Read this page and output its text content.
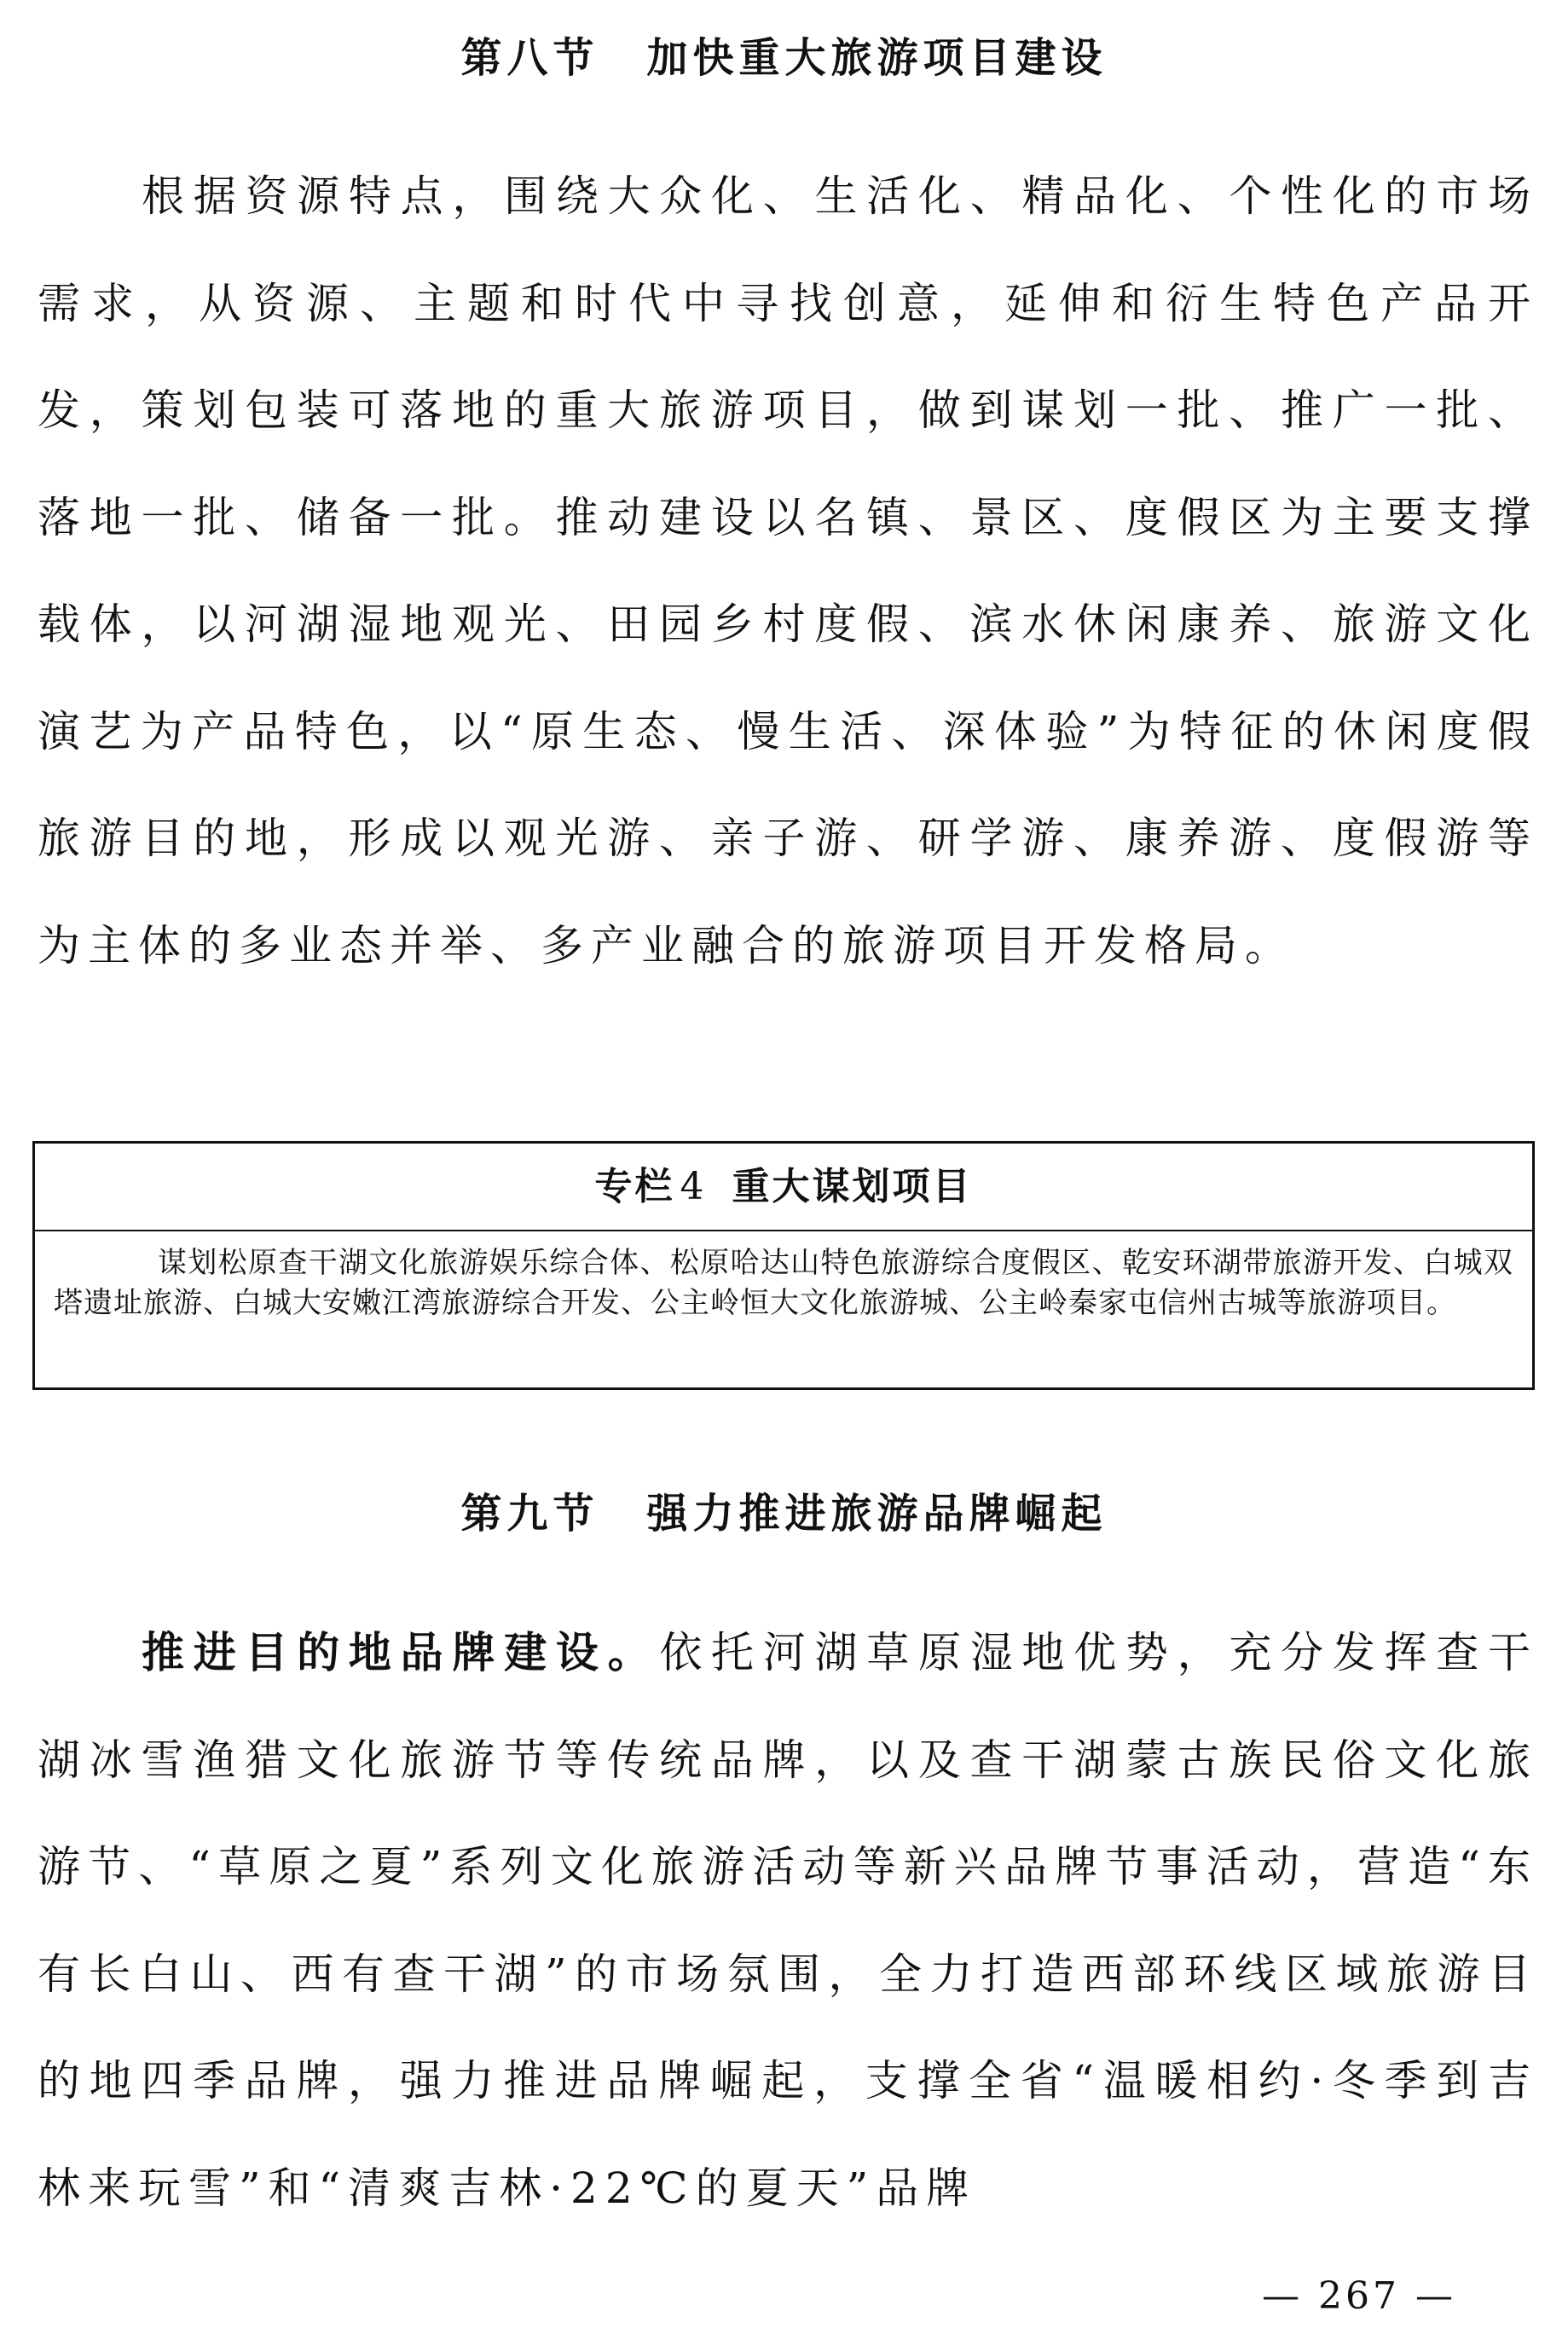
第八节 加快重大旅游项目建设

根据资源特点，围绕大众化、生活化、精品化、个性化的市场需求，从资源、主题和时代中寻找创意，延伸和衍生特色产品开发，策划包装可落地的重大旅游项目，做到谋划一批、推广一批、落地一批、储备一批。推动建设以名镇、景区、度假区为主要支撑载体，以河湖湿地观光、田园乡村度假、滨水休闲康养、旅游文化演艺为产品特色，以“原生态、慢生活、深体验”为特征的休闲度假旅游目的地，形成以观光游、亲子游、研学游、康养游、度假游等为主体的多业态并举、多产业融合的旅游项目开发格局。

专栏 4 重大谋划项目
谋划松原查干湖文化旅游娱乐综合体、松原哈达山特色旅游综合度假区、乾安环湖带旅游开发、白城双塔遗址旅游、白城大安嫩江湾旅游综合开发、公主岭恒大文化旅游城、公主岭秦家屯信州古城等旅游项目。
第九节 强力推进旅游品牌崛起

推进目的地品牌建设。依托河湖草原湿地优势，充分发挥查干湖冰雪渔猎文化旅游节等传统品牌，以及查干湖蒙古族民俗文化旅游节、“草原之夏”系列文化旅游活动等新兴品牌节事活动，营造“东有长白山、西有查干湖”的市场氛围，全力打造西部环线区域旅游目的地四季品牌，强力推进品牌崛起，支撑全省“温暖相约·冬季到吉林来玩雪”和“清爽吉林·22℃的夏天”品牌

— 267 —
